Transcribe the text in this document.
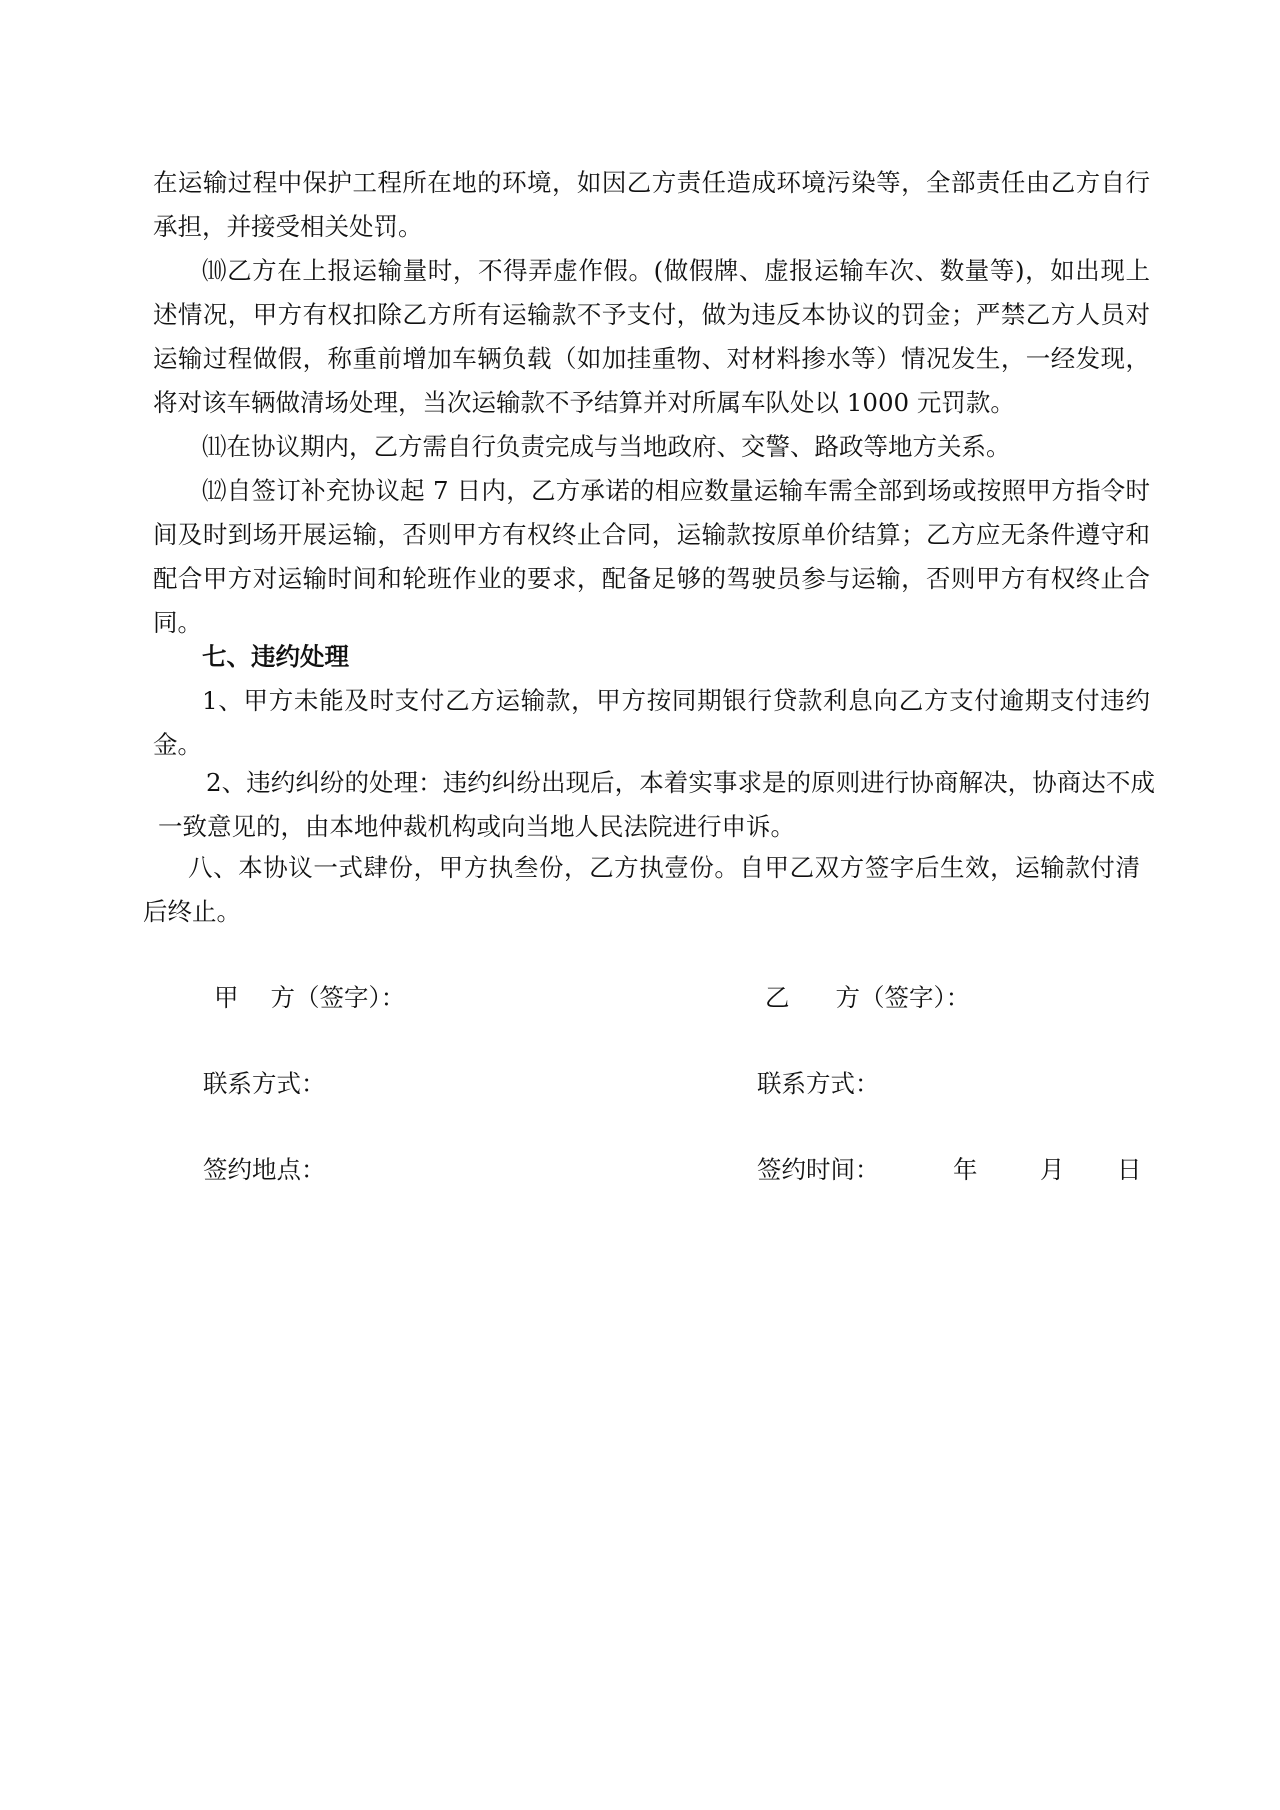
在运输过程中保护工程所在地的环境，如因乙方责任造成环境污染等，全部责任由乙方自行承担，并接受相关处罚。

⑽乙方在上报运输量时，不得弄虚作假。(做假牌、虚报运输车次、数量等)，如出现上述情况，甲方有权扣除乙方所有运输款不予支付，做为违反本协议的罚金；严禁乙方人员对运输过程做假，称重前增加车辆负载（如加挂重物、对材料掺水等）情况发生，一经发现，将对该车辆做清场处理，当次运输款不予结算并对所属车队处以 1000 元罚款。

⑾在协议期内，乙方需自行负责完成与当地政府、交警、路政等地方关系。

⑿自签订补充协议起 7 日内，乙方承诺的相应数量运输车需全部到场或按照甲方指令时间及时到场开展运输，否则甲方有权终止合同，运输款按原单价结算；乙方应无条件遵守和配合甲方对运输时间和轮班作业的要求，配备足够的驾驶员参与运输，否则甲方有权终止合同。

七、违约处理

1、甲方未能及时支付乙方运输款，甲方按同期银行贷款利息向乙方支付逾期支付违约金。

2、违约纠纷的处理：违约纠纷出现后，本着实事求是的原则进行协商解决，协商达不成一致意见的，由本地仲裁机构或向当地人民法院进行申诉。

八、本协议一式肆份，甲方执叁份，乙方执壹份。自甲乙双方签字后生效，运输款付清后终止。

甲 方（签字）：	乙 方（签字）：
联系方式：	联系方式：
签约地点：	签约时间：	年	月 日
